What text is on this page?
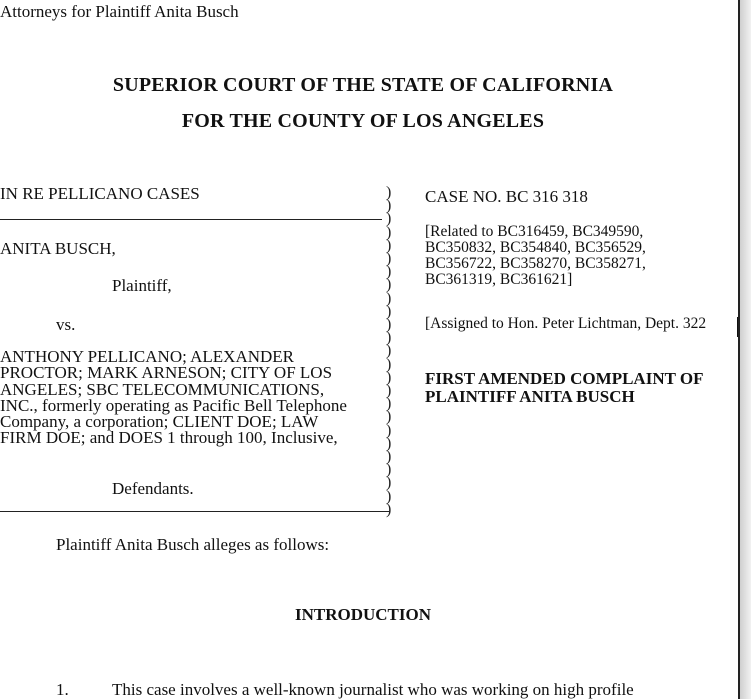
Attorneys for Plaintiff Anita Busch
SUPERIOR COURT OF THE STATE OF CALIFORNIA
FOR THE COUNTY OF LOS ANGELES
IN RE PELLICANO CASES
ANITA BUSCH,
Plaintiff,
vs.
ANTHONY PELLICANO; ALEXANDER
PROCTOR; MARK ARNESON; CITY OF LOS
ANGELES; SBC TELECOMMUNICATIONS,
INC., formerly operating as Pacific Bell Telephone
Company, a corporation; CLIENT DOE; LAW
FIRM DOE; and DOES 1 through 100, Inclusive,
Defendants.
)
)
)
)
)
)
)
)
)
)
)
)
)
)
)
)
)
)
)
)
)
)
)
)
)
CASE NO. BC 316 318
[Related to BC316459, BC349590,
BC350832, BC354840, BC356529,
BC356722, BC358270, BC358271,
BC361319, BC361621]
[Assigned to Hon. Peter Lichtman, Dept. 322
FIRST AMENDED COMPLAINT OF
PLAINTIFF ANITA BUSCH
Plaintiff Anita Busch alleges as follows:
INTRODUCTION
1.	This case involves a well-known journalist who was working on high profile
